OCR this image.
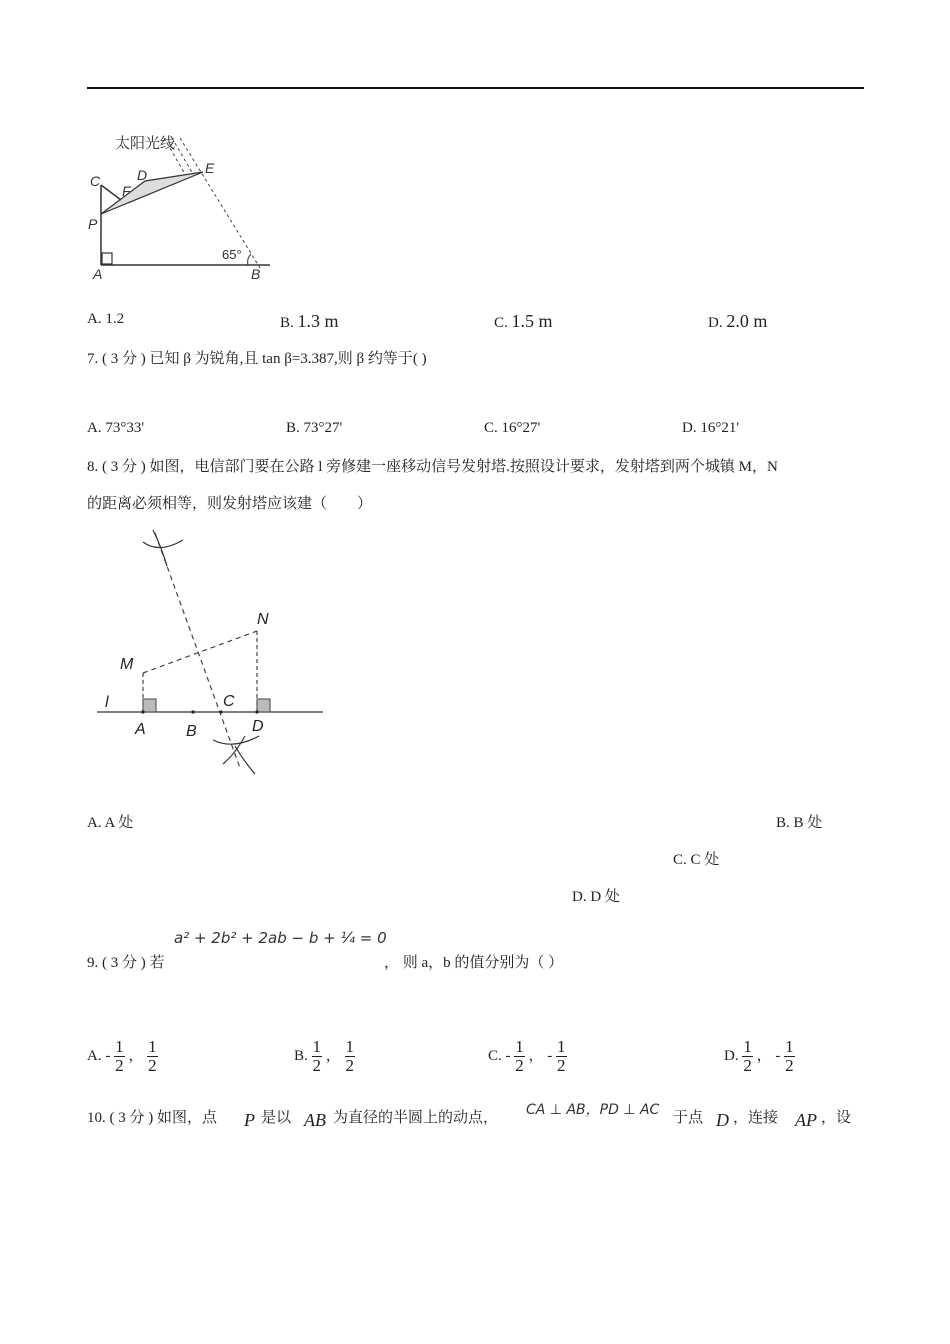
太阳光线
C	D	E
F
P
A	B
65°
A. 1.2	B. 1.3 m	C. 1.5 m	D. 2.0 m
7. ( 3 分 ) 已知 β 为锐角,且 tan β=3.387,则 β 约等于( )
A. 73°33'	B. 73°27'	C. 16°27'	D. 16°21'
8. ( 3 分 ) 如图，电信部门要在公路 l 旁修建一座移动信号发射塔.按照设计要求，发射塔到两个城镇 M，N
的距离必须相等，则发射塔应该建（　　）
l
M
N
A	B
C
D
A. A 处	B. B 处
C. C 处
D. D 处
a² + 2b² + 2ab − b + ¼ = 0
9. ( 3 分 ) 若	， 则 a，b 的值分别为（ ）
A. - $\frac{1}{2}$ ， $\frac{1}{2}$	B. $\frac{1}{2}$ ， $\frac{1}{2}$	C. - $\frac{1}{2}$ ， - $\frac{1}{2}$	D. $\frac{1}{2}$ ， - $\frac{1}{2}$
10. ( 3 分 ) 如图，点 P 是以 AB 为直径的半圆上的动点， CA ⊥ AB，PD ⊥ AC 于点 D ，连接 AP ，设
